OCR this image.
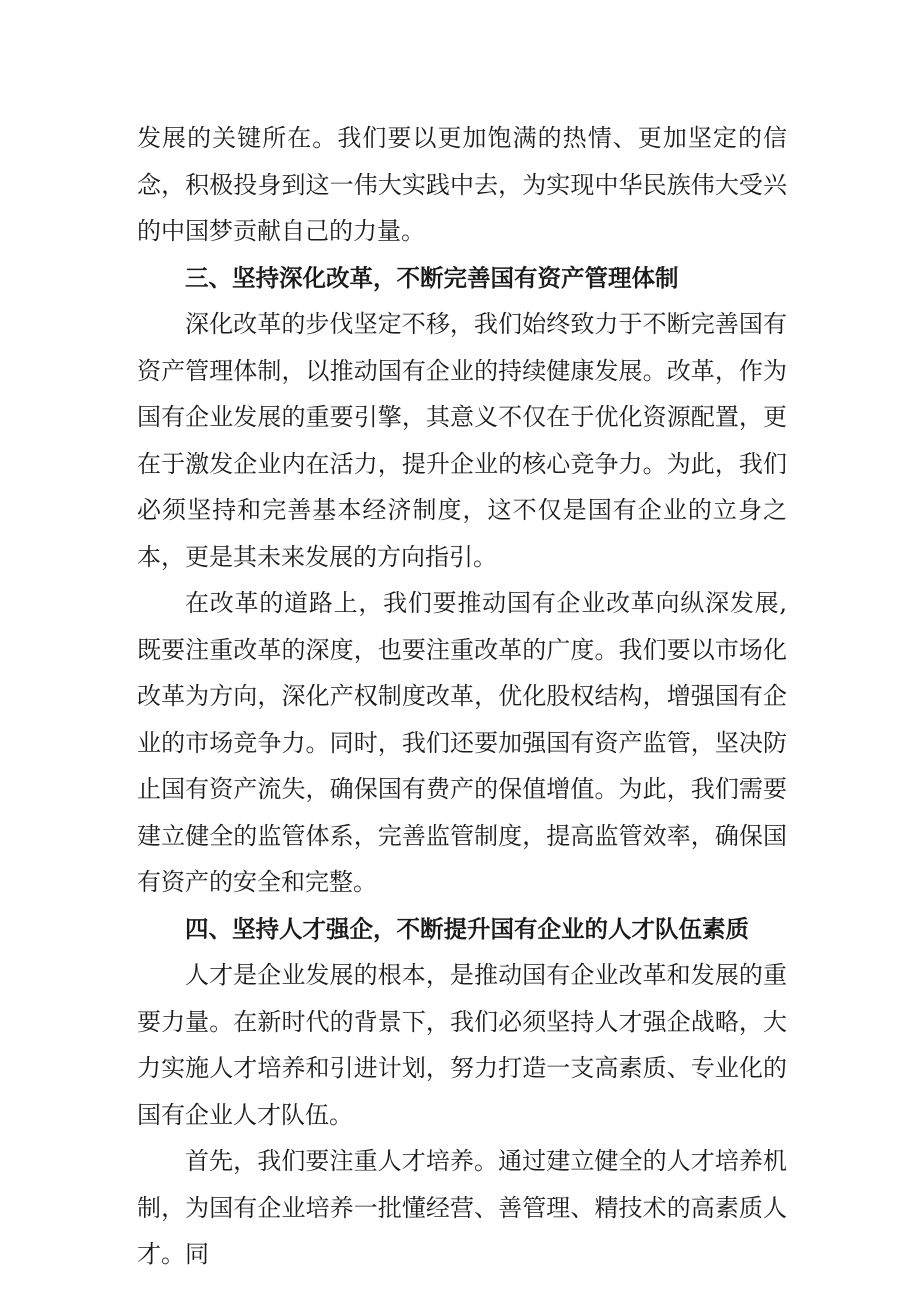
发展的关键所在。我们要以更加饱满的热情、更加坚定的信念，积极投身到这一伟大实践中去，为实现中华民族伟大受兴的中国梦贡献自己的力量。

三、坚持深化改革，不断完善国有资产管理体制

深化改革的步伐坚定不移，我们始终致力于不断完善国有资产管理体制，以推动国有企业的持续健康发展。改革，作为国有企业发展的重要引擎，其意义不仅在于优化资源配置，更在于激发企业内在活力，提升企业的核心竞争力。为此，我们必须坚持和完善基本经济制度，这不仅是国有企业的立身之本，更是其未来发展的方向指引。

在改革的道路上，我们要推动国有企业改革向纵深发展,既要注重改革的深度，也要注重改革的广度。我们要以市场化改革为方向，深化产权制度改革，优化股权结构，增强国有企业的市场竞争力。同时，我们还要加强国有资产监管，坚决防止国有资产流失，确保国有费产的保值增值。为此，我们需要建立健全的监管体系，完善监管制度，提高监管效率，确保国有资产的安全和完整。

四、坚持人才强企，不断提升国有企业的人才队伍素质

人才是企业发展的根本，是推动国有企业改革和发展的重要力量。在新时代的背景下，我们必须坚持人才强企战略，大力实施人才培养和引进计划，努力打造一支高素质、专业化的国有企业人才队伍。

首先，我们要注重人才培养。通过建立健全的人才培养机制，为国有企业培养一批懂经营、善管理、精技术的高素质人才。同
